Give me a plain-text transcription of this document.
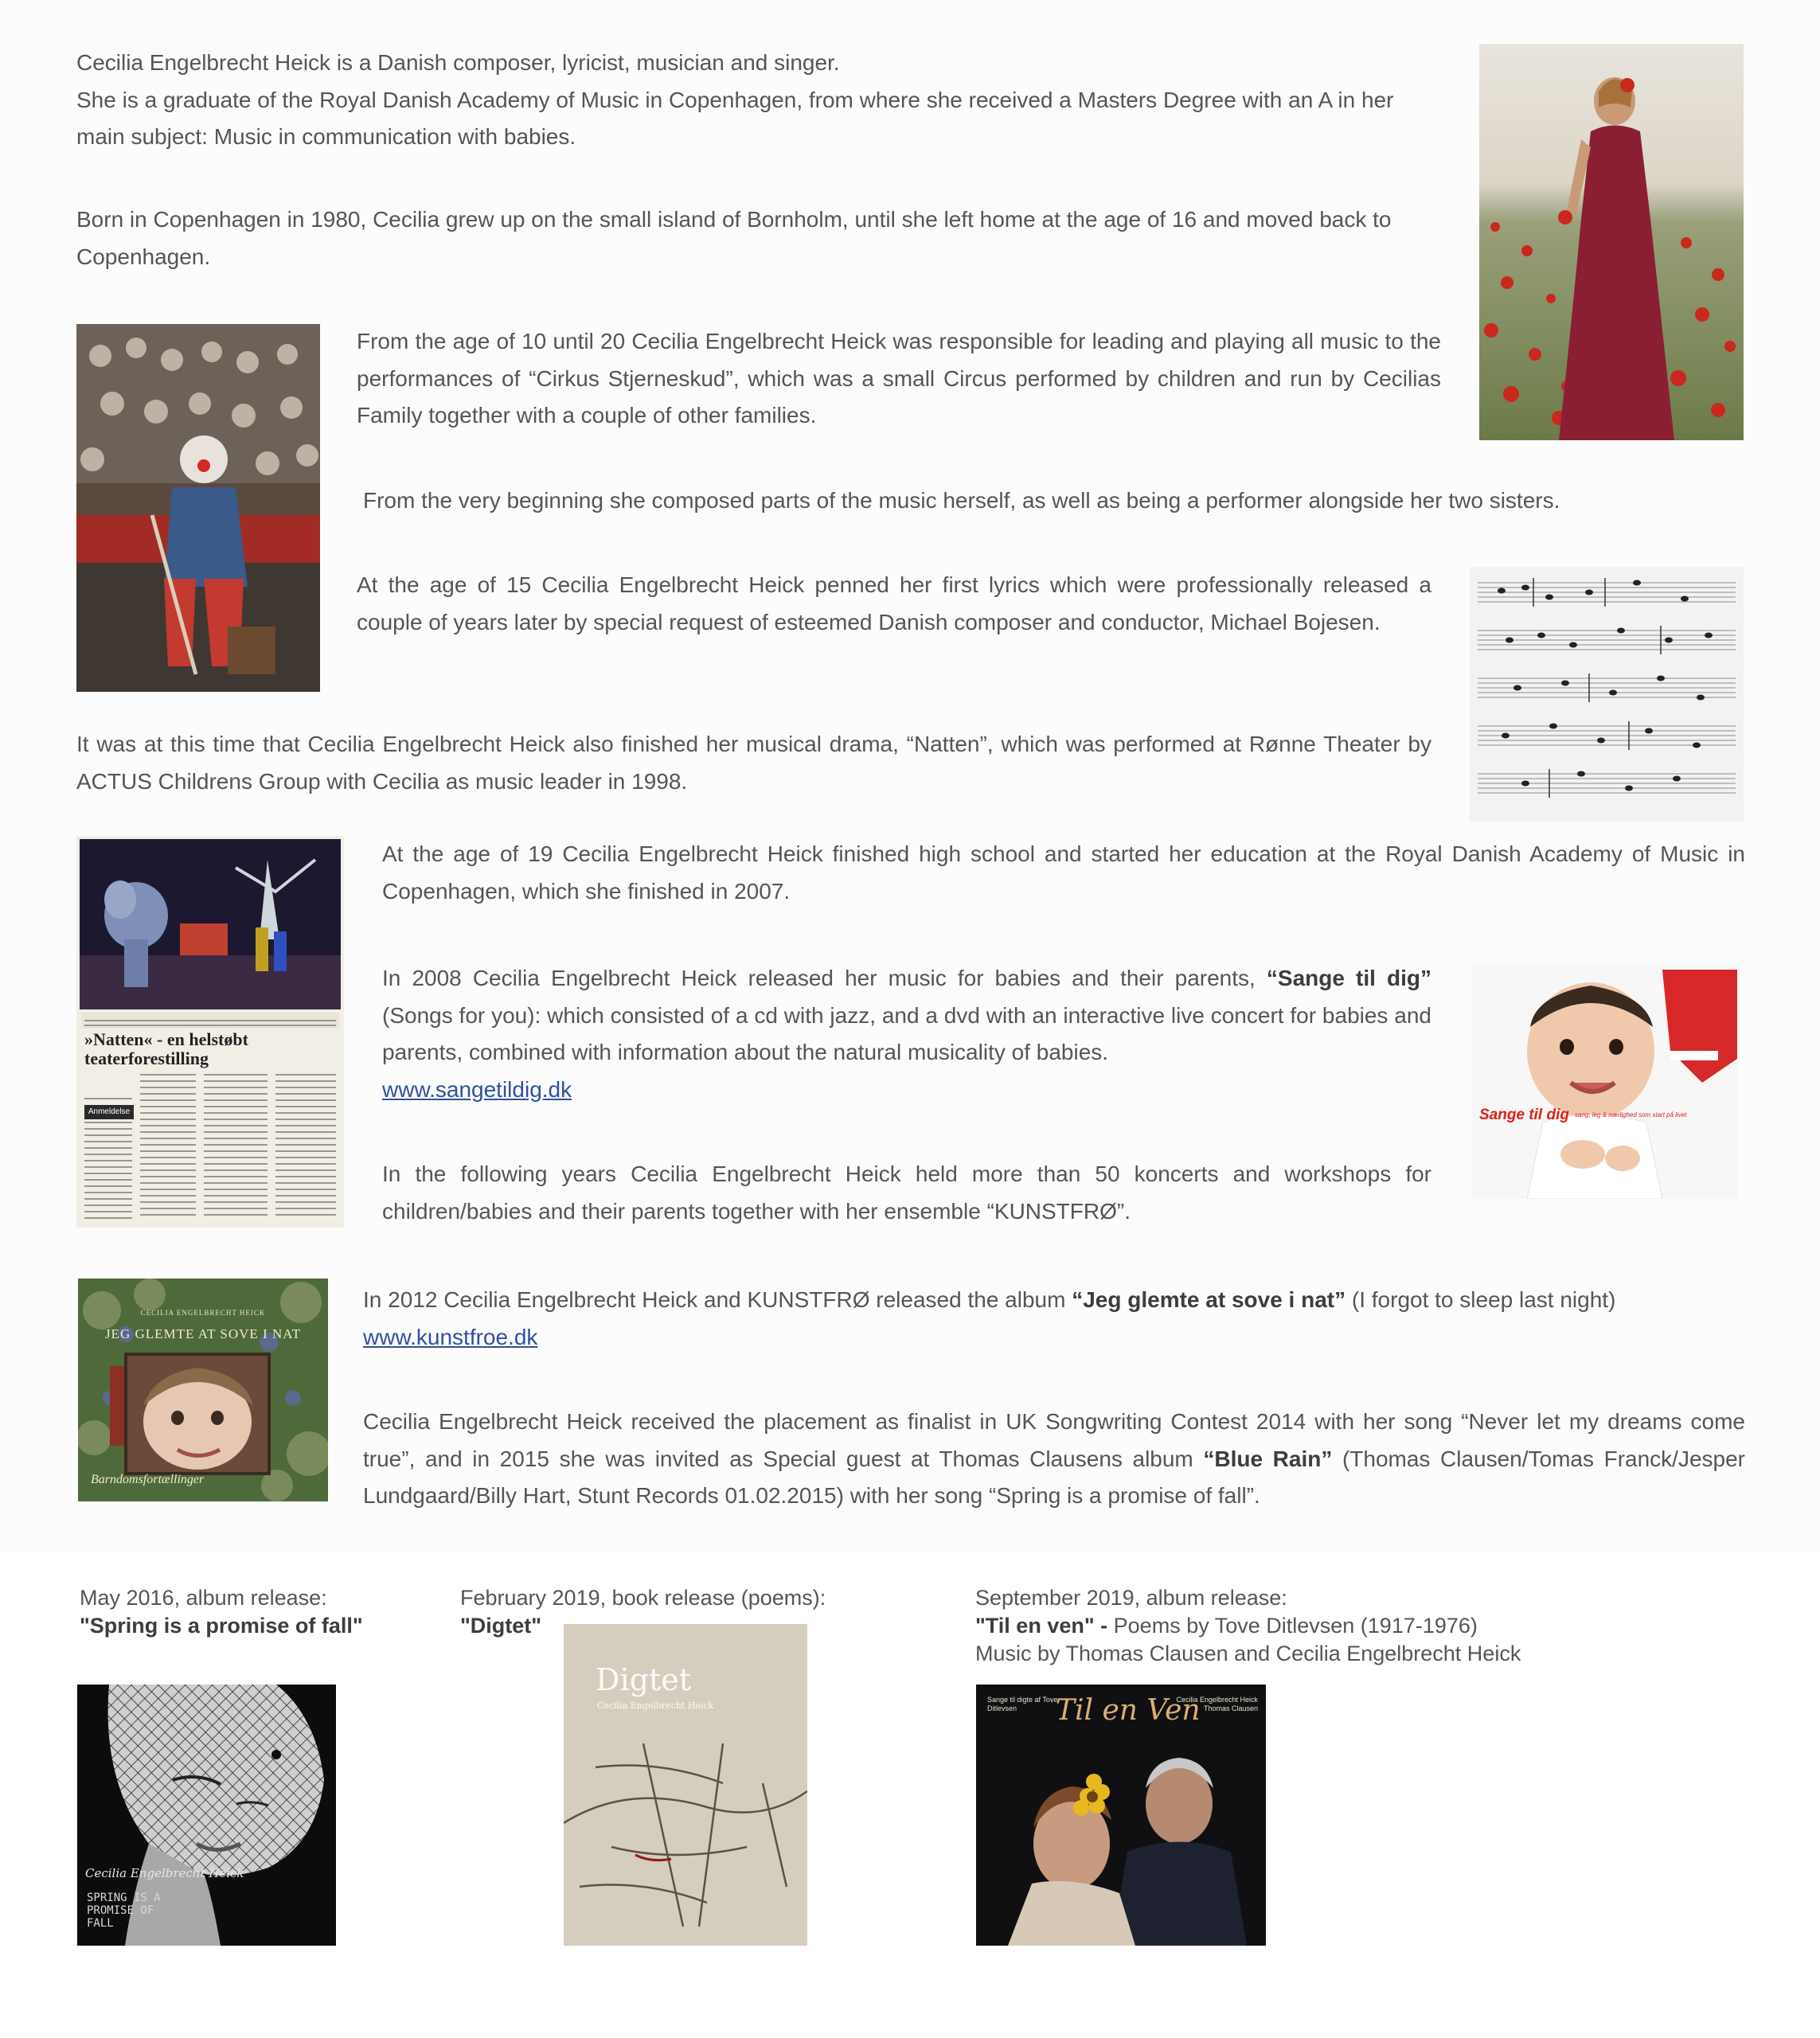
Cecilia Engelbrecht Heick is a Danish composer, lyricist, musician and singer.
She is a graduate of the Royal Danish Academy of Music in Copenhagen, from where she received a Masters Degree with an A in her main subject: Music in communication with babies.

Born in Copenhagen in 1980, Cecilia grew up on the small island of Bornholm, until she left home at the age of 16 and moved back to Copenhagen.

From the age of 10 until 20 Cecilia Engelbrecht Heick was responsible for leading and playing all music to the performances of “Cirkus Stjerneskud”, which was a small Circus performed by children and run by Cecilias Family together with a couple of other families.

From the very beginning she composed parts of the music herself, as well as being a performer alongside her two sisters.

At the age of 15 Cecilia Engelbrecht Heick penned her first lyrics which were professionally released a couple of years later by special request of esteemed Danish composer and conductor, Michael Bojesen.

It was at this time that Cecilia Engelbrecht Heick also finished her musical drama, “Natten”, which was performed at Rønne Theater by ACTUS Childrens Group with Cecilia as music leader in 1998.

At the age of 19 Cecilia Engelbrecht Heick finished high school and started her education at the Royal Danish Academy of Music in Copenhagen, which she finished in 2007.

In 2008 Cecilia Engelbrecht Heick released her music for babies and their parents, “Sange til dig” (Songs for you): which consisted of a cd with jazz, and a dvd with an interactive live concert for babies and parents, combined with information about the natural musicality of babies.
www.sangetildig.dk

In the following years Cecilia Engelbrecht Heick held more than 50 koncerts and workshops for children/babies and their parents together with her ensemble “KUNSTFRØ”.

In 2012 Cecilia Engelbrecht Heick and KUNSTFRØ released the album “Jeg glemte at sove i nat” (I forgot to sleep last night)
www.kunstfroe.dk

Cecilia Engelbrecht Heick received the placement as finalist in UK Songwriting Contest 2014 with her song “Never let my dreams come true”, and in 2015 she was invited as Special guest at Thomas Clausens album “Blue Rain” (Thomas Clausen/Tomas Franck/Jesper Lundgaard/Billy Hart, Stunt Records 01.02.2015) with her song “Spring is a promise of fall”.

»Natten« - en helstøbt teaterforestilling
Anmeldelse	Sange til dig sang, leg & nærlighed som start på livet
CECILIA ENGELBRECHT HEICK
JEG GLEMTE AT SOVE I NAT
Barndomsfortællinger
May 2016, album release:
"Spring is a promise of fall"
February 2019, book release (poems):
"Digtet"
September 2019, album release:
"Til en ven" - Poems by Tove Ditlevsen (1917-1976)
Music by Thomas Clausen and Cecilia Engelbrecht Heick
Cecilia Engelbrecht Heick
SPRING IS A PROMISE OF FALL
Digtet
Cecilia Engelbrecht Heick
Sange til digte af Tove Ditlevsen
Cecilia Engelbrecht Heick Thomas Clausen
Til en Ven
